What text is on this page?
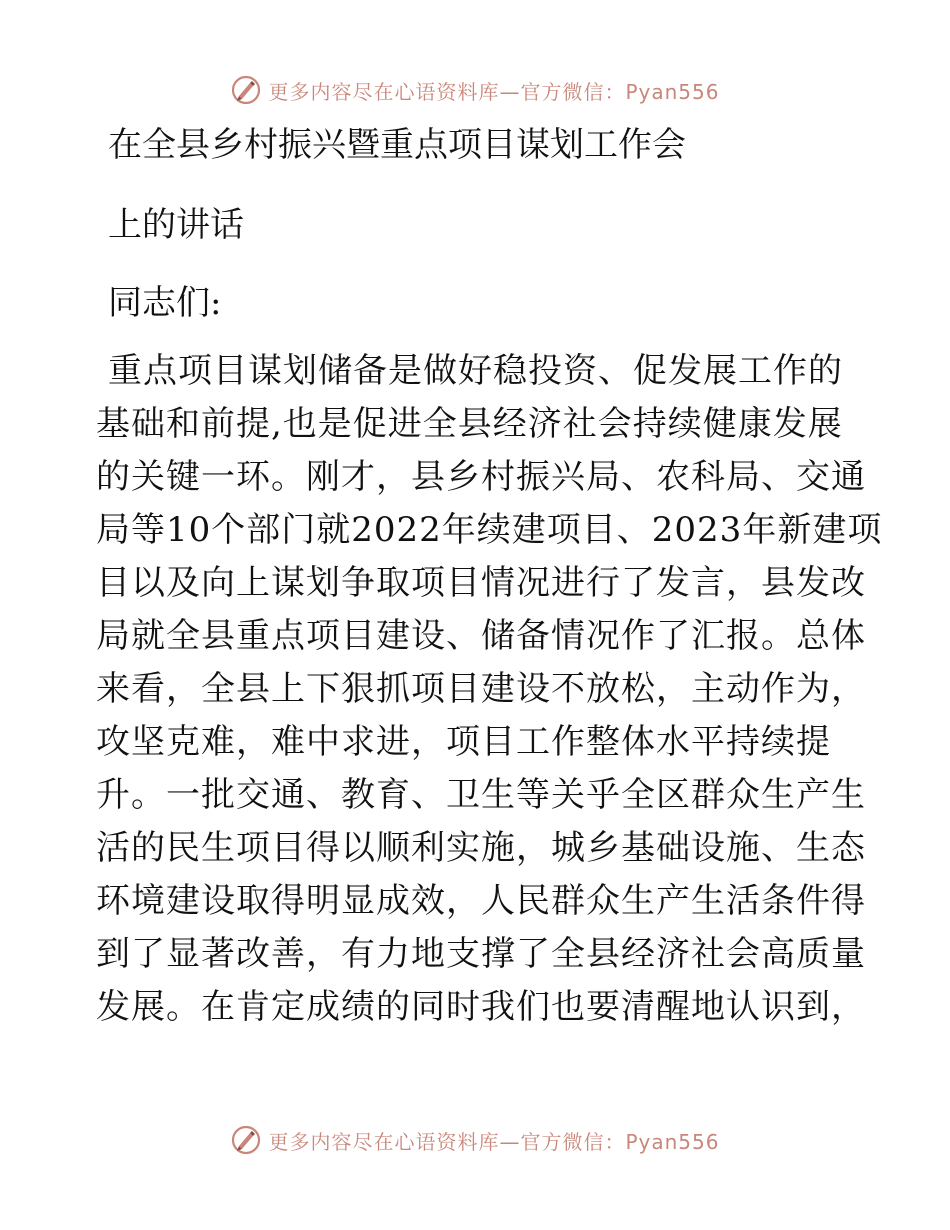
更多内容尽在心语资料库—官方微信：Pyan556
在全县乡村振兴暨重点项目谋划工作会
上的讲话
同志们:
重点项目谋划储备是做好稳投资、促发展工作的
基础和前提,也是促进全县经济社会持续健康发展
的关键一环。刚才，县乡村振兴局、农科局、交通
局等10个部门就2022年续建项目、2023年新建项
目以及向上谋划争取项目情况进行了发言，县发改
局就全县重点项目建设、储备情况作了汇报。总体
来看，全县上下狠抓项目建设不放松，主动作为，
攻坚克难，难中求进，项目工作整体水平持续提
升。一批交通、教育、卫生等关乎全区群众生产生
活的民生项目得以顺利实施，城乡基础设施、生态
环境建设取得明显成效，人民群众生产生活条件得
到了显著改善，有力地支撑了全县经济社会高质量
发展。在肯定成绩的同时我们也要清醒地认识到，
更多内容尽在心语资料库—官方微信：Pyan556
